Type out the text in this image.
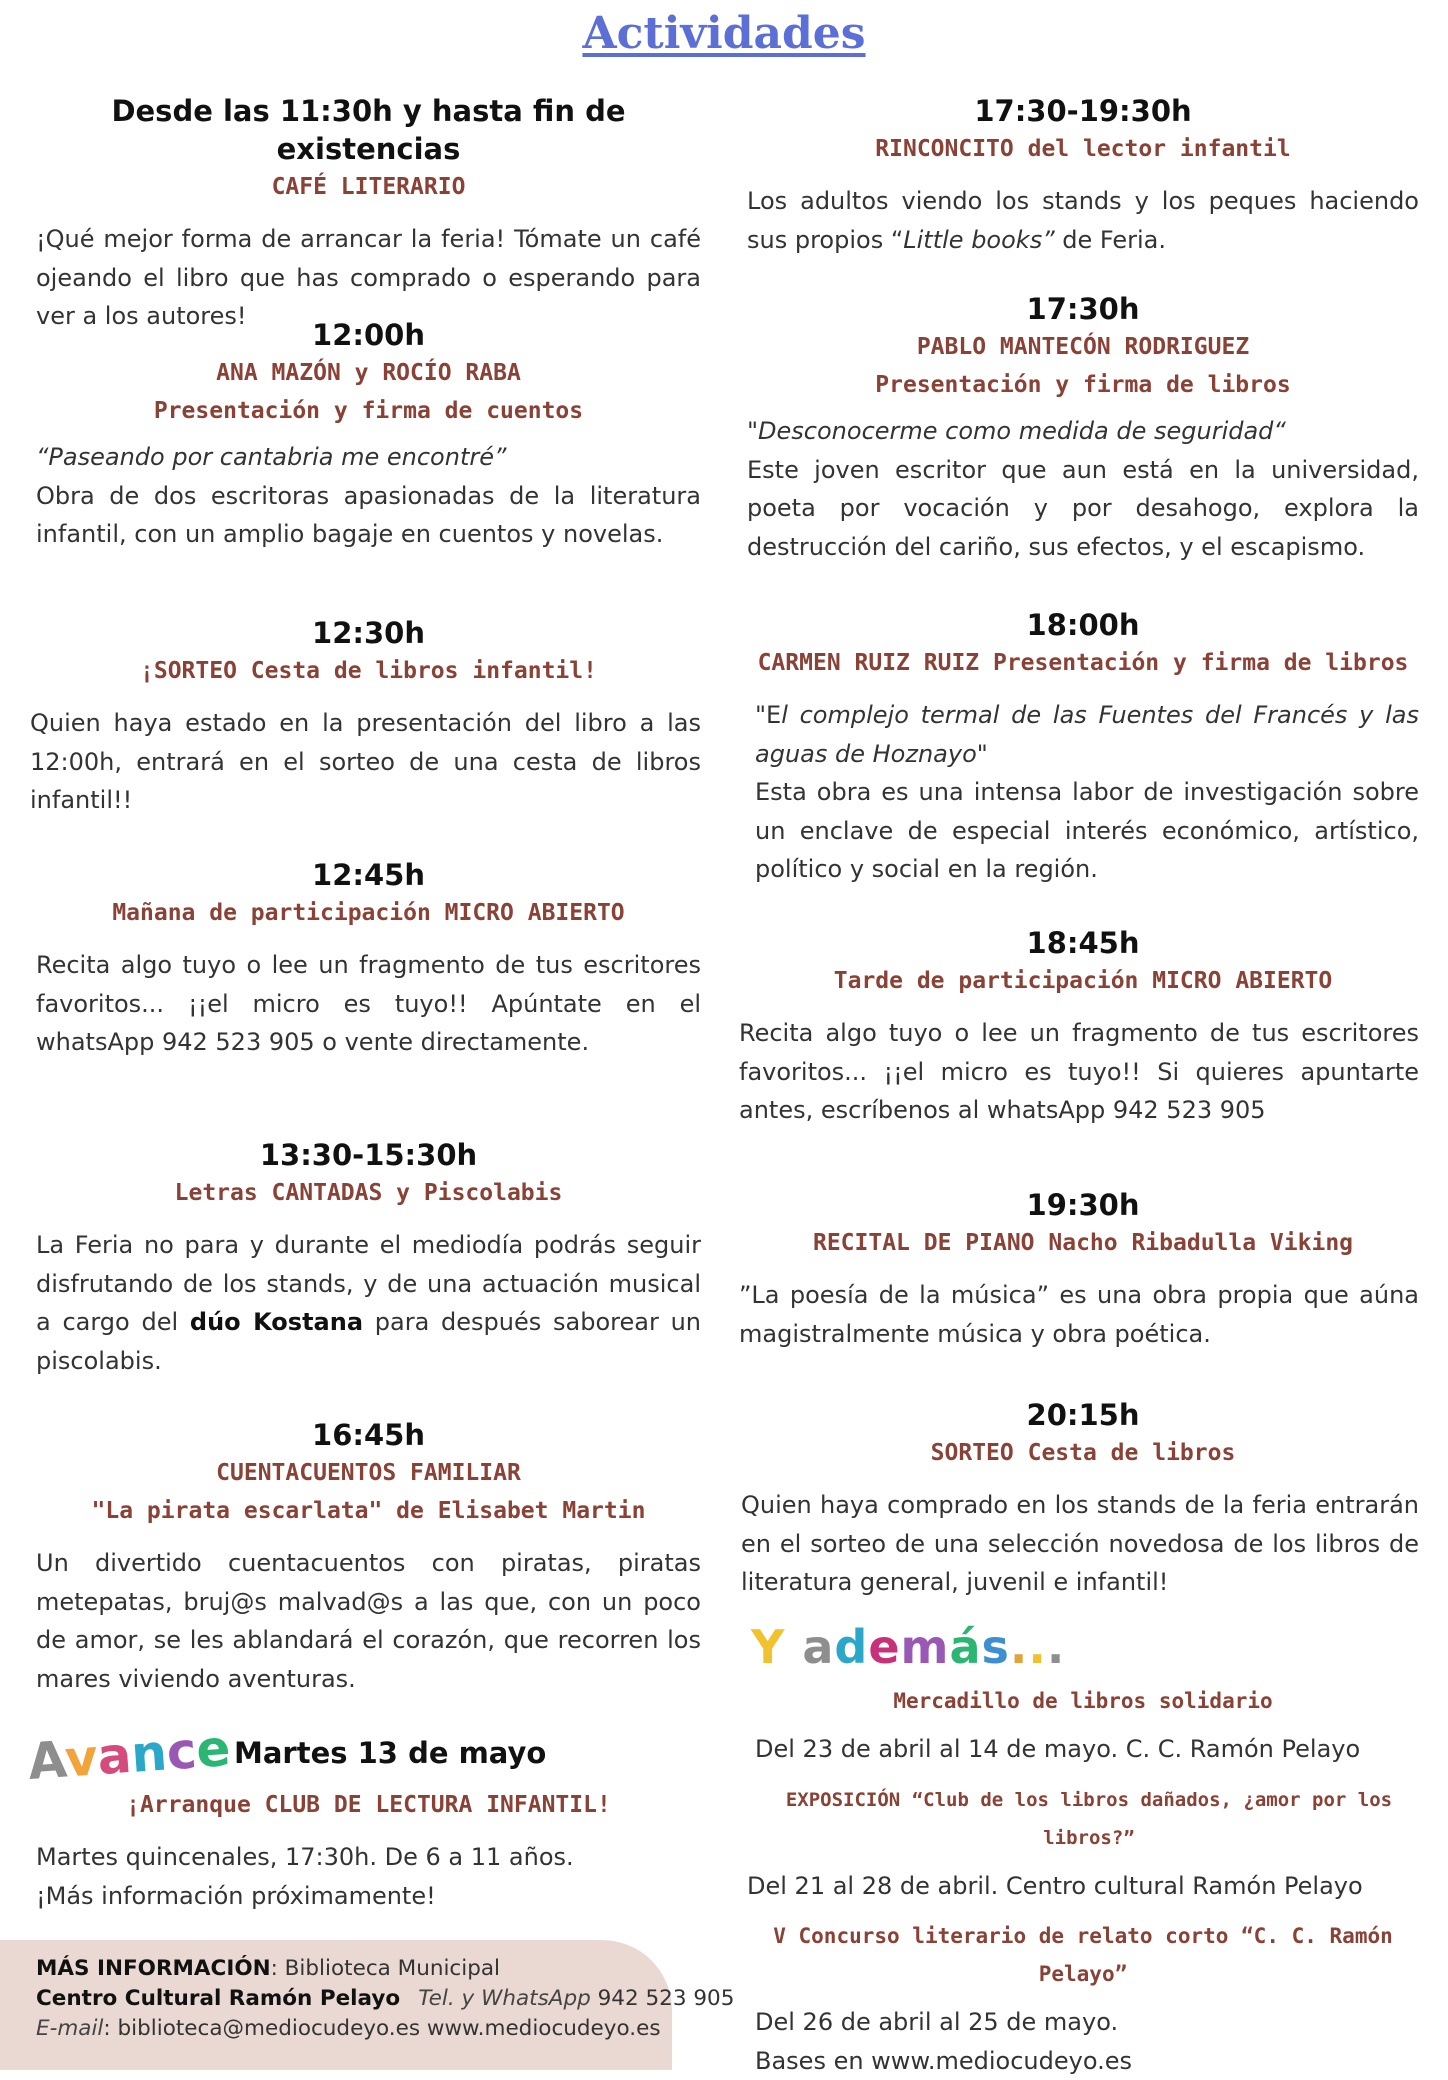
Actividades

Desde las 11:30h y hasta fin de existencias

CAFÉ LITERARIO

¡Qué mejor forma de arrancar la feria! Tómate un café ojeando el libro que has comprado o esperando para ver a los autores!

12:00h

ANA MAZÓN y ROCÍO RABA

Presentación y firma de cuentos

“Paseando por cantabria me encontré”

Obra de dos escritoras apasionadas de la literatura infantil, con un amplio bagaje en cuentos y novelas.

12:30h

¡SORTEO Cesta de libros infantil!

Quien haya estado en la presentación del libro a las 12:00h, entrará en el sorteo de una cesta de libros infantil!!

12:45h

Mañana de participación MICRO ABIERTO

Recita algo tuyo o lee un fragmento de tus escritores favoritos... ¡¡el micro es tuyo!! Apúntate en el whatsApp 942 523 905 o vente directamente.

13:30-15:30h

Letras CANTADAS y Piscolabis

La Feria no para y durante el mediodía podrás seguir disfrutando de los stands, y de una actuación musical a cargo del dúo Kostana para después saborear un piscolabis.

16:45h

CUENTACUENTOS FAMILIAR

"La pirata escarlata" de Elisabet Martin

Un divertido cuentacuentos con piratas, piratas metepatas, bruj@s malvad@s a las que, con un poco de amor, se les ablandará el corazón, que recorren los mares viviendo aventuras.
Avance Martes 13 de mayo

¡Arranque CLUB DE LECTURA INFANTIL!

Martes quincenales, 17:30h. De 6 a 11 años.

¡Más información próximamente!

17:30-19:30h

RINCONCITO del lector infantil

Los adultos viendo los stands y los peques haciendo sus propios “Little books” de Feria.

17:30h

PABLO MANTECÓN RODRIGUEZ

Presentación y firma de libros

"Desconocerme como medida de seguridad“

Este joven escritor que aun está en la universidad, poeta por vocación y por desahogo, explora la destrucción del cariño, sus efectos, y el escapismo.

18:00h

CARMEN RUIZ RUIZ Presentación y firma de libros

"El complejo termal de las Fuentes del Francés y las aguas de Hoznayo"

Esta obra es una intensa labor de investigación sobre un enclave de especial interés económico, artístico, político y social en la región.

18:45h

Tarde de participación MICRO ABIERTO

Recita algo tuyo o lee un fragmento de tus escritores favoritos... ¡¡el micro es tuyo!! Si quieres apuntarte antes, escríbenos al whatsApp 942 523 905

19:30h

RECITAL DE PIANO Nacho Ribadulla Viking

”La poesía de la música” es una obra propia que aúna magistralmente música y obra poética.

20:15h

SORTEO Cesta de libros

Quien haya comprado en los stands de la feria entrarán en el sorteo de una selección novedosa de los libros de literatura general, juvenil e infantil!
Y además...

Mercadillo de libros solidario

Del 23 de abril al 14 de mayo. C. C. Ramón Pelayo

EXPOSICIÓN “Club de los libros dañados, ¿amor por los libros?”

Del 21 al 28 de abril. Centro cultural Ramón Pelayo

V Concurso literario de relato corto “C. C. Ramón Pelayo”

Del 26 de abril al 25 de mayo.

Bases en www.mediocudeyo.es

MÁS INFORMACIÓN: Biblioteca Municipal
Centro Cultural Ramón Pelayo Tel. y WhatsApp 942 523 905
E-mail: biblioteca@mediocudeyo.es www.mediocudeyo.es
